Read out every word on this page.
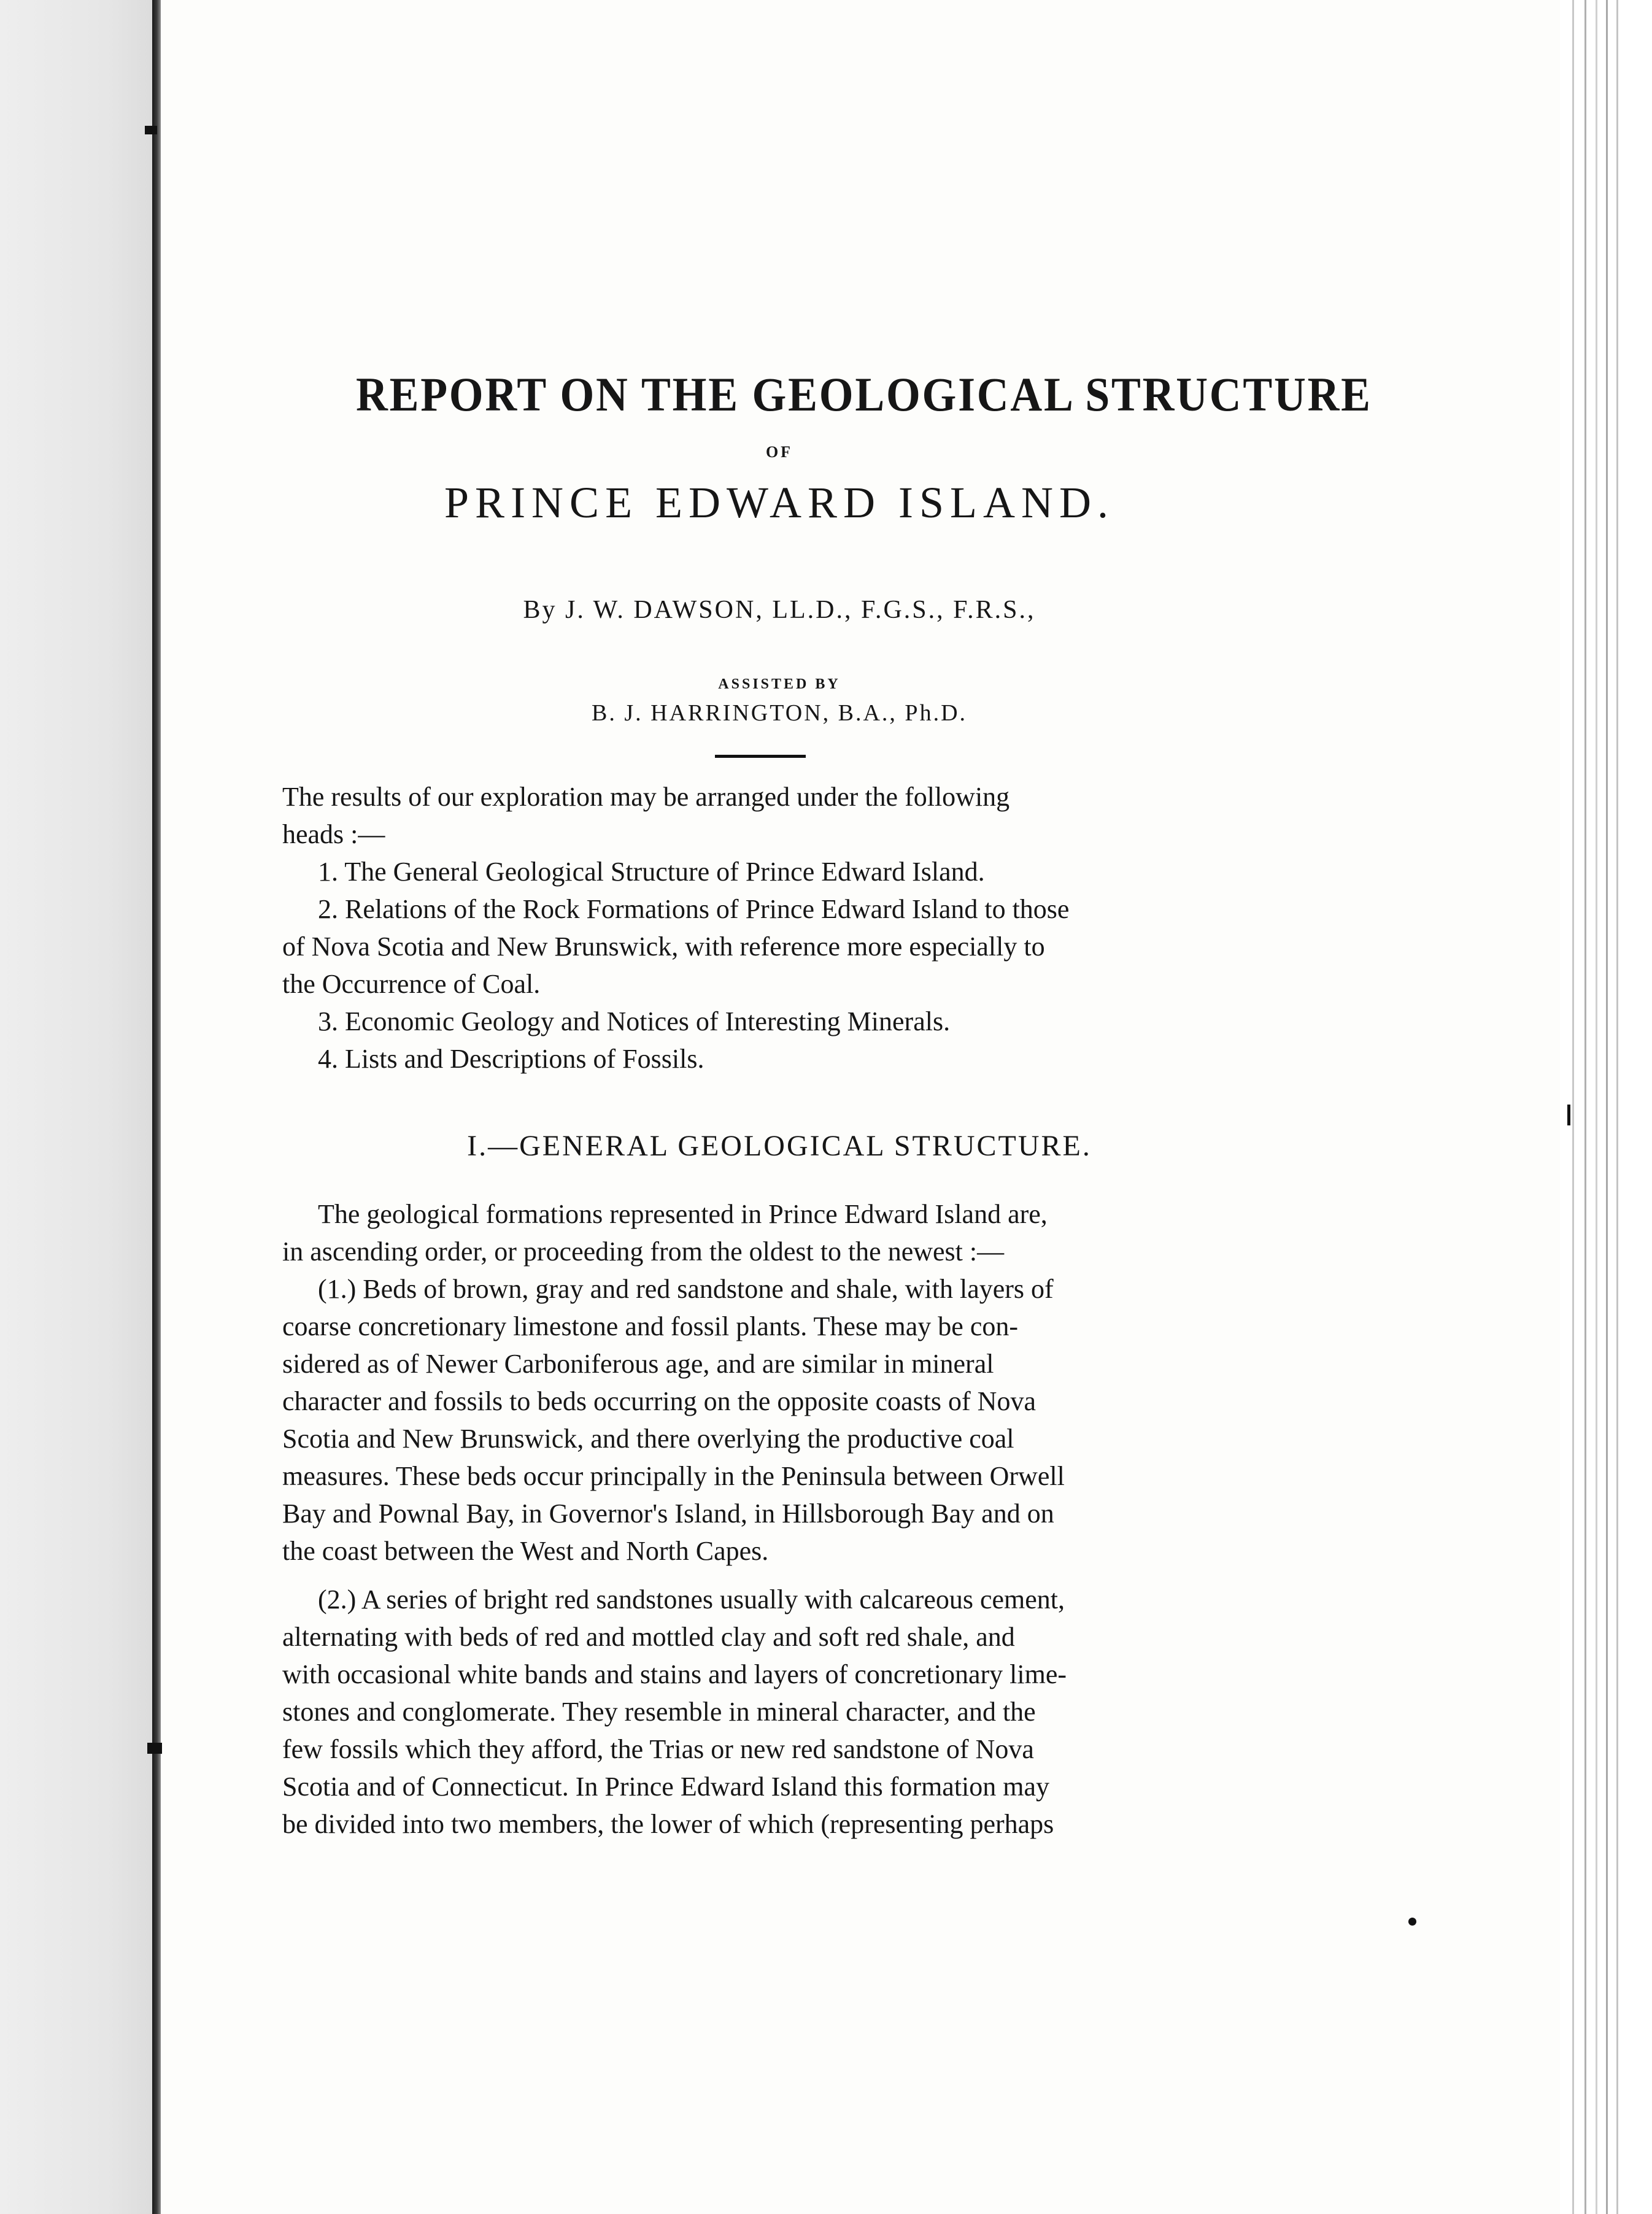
REPORT ON THE GEOLOGICAL STRUCTURE
OF
PRINCE EDWARD ISLAND.
By J. W. DAWSON, LL.D., F.G.S., F.R.S.,
ASSISTED BY
B. J. HARRINGTON, B.A., Ph.D.
The results of our exploration may be arranged under the following
heads :—
1. The General Geological Structure of Prince Edward Island.
2. Relations of the Rock Formations of Prince Edward Island to those
of Nova Scotia and New Brunswick, with reference more especially to
the Occurrence of Coal.
3. Economic Geology and Notices of Interesting Minerals.
4. Lists and Descriptions of Fossils.
I.—GENERAL GEOLOGICAL STRUCTURE.
The geological formations represented in Prince Edward Island are,
in ascending order, or proceeding from the oldest to the newest :—
(1.) Beds of brown, gray and red sandstone and shale, with layers of
coarse concretionary limestone and fossil plants. These may be con-
sidered as of Newer Carboniferous age, and are similar in mineral
character and fossils to beds occurring on the opposite coasts of Nova
Scotia and New Brunswick, and there overlying the productive coal
measures. These beds occur principally in the Peninsula between Orwell
Bay and Pownal Bay, in Governor's Island, in Hillsborough Bay and on
the coast between the West and North Capes.
(2.) A series of bright red sandstones usually with calcareous cement,
alternating with beds of red and mottled clay and soft red shale, and
with occasional white bands and stains and layers of concretionary lime-
stones and conglomerate. They resemble in mineral character, and the
few fossils which they afford, the Trias or new red sandstone of Nova
Scotia and of Connecticut. In Prince Edward Island this formation may
be divided into two members, the lower of which (representing perhaps
